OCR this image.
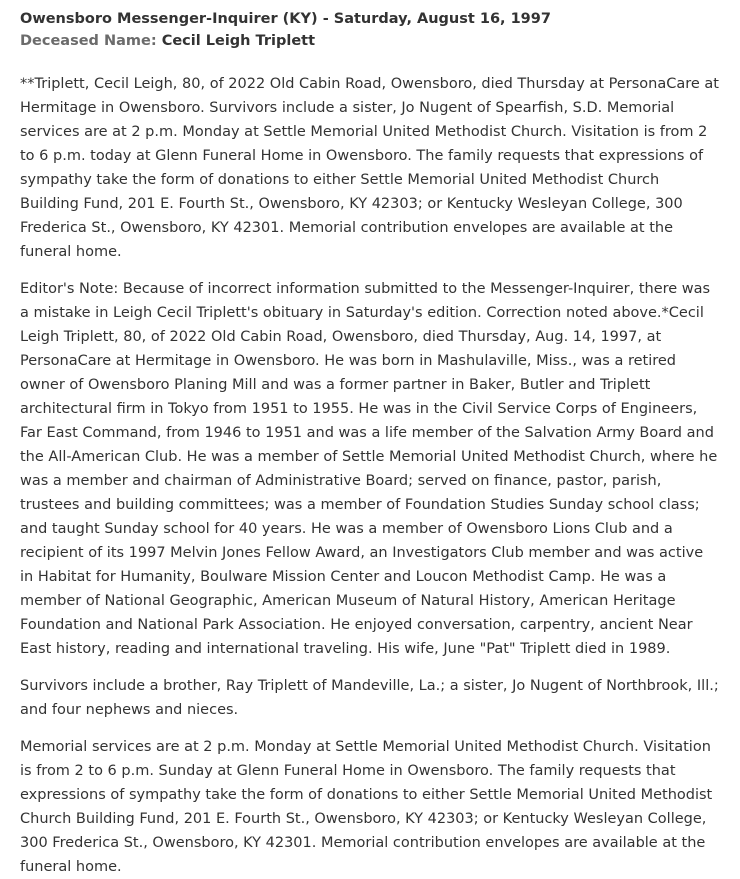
Owensboro Messenger-Inquirer (KY) - Saturday, August 16, 1997
Deceased Name: Cecil Leigh Triplett

**Triplett, Cecil Leigh, 80, of 2022 Old Cabin Road, Owensboro, died Thursday at PersonaCare at Hermitage in Owensboro. Survivors include a sister, Jo Nugent of Spearfish, S.D. Memorial services are at 2 p.m. Monday at Settle Memorial United Methodist Church. Visitation is from 2 to 6 p.m. today at Glenn Funeral Home in Owensboro. The family requests that expressions of sympathy take the form of donations to either Settle Memorial United Methodist Church Building Fund, 201 E. Fourth St., Owensboro, KY 42303; or Kentucky Wesleyan College, 300 Frederica St., Owensboro, KY 42301. Memorial contribution envelopes are available at the funeral home.

Editor's Note: Because of incorrect information submitted to the Messenger-Inquirer, there was a mistake in Leigh Cecil Triplett's obituary in Saturday's edition. Correction noted above.*Cecil Leigh Triplett, 80, of 2022 Old Cabin Road, Owensboro, died Thursday, Aug. 14, 1997, at PersonaCare at Hermitage in Owensboro. He was born in Mashulaville, Miss., was a retired owner of Owensboro Planing Mill and was a former partner in Baker, Butler and Triplett architectural firm in Tokyo from 1951 to 1955. He was in the Civil Service Corps of Engineers, Far East Command, from 1946 to 1951 and was a life member of the Salvation Army Board and the All-American Club. He was a member of Settle Memorial United Methodist Church, where he was a member and chairman of Administrative Board; served on finance, pastor, parish, trustees and building committees; was a member of Foundation Studies Sunday school class; and taught Sunday school for 40 years. He was a member of Owensboro Lions Club and a recipient of its 1997 Melvin Jones Fellow Award, an Investigators Club member and was active in Habitat for Humanity, Boulware Mission Center and Loucon Methodist Camp. He was a member of National Geographic, American Museum of Natural History, American Heritage Foundation and National Park Association. He enjoyed conversation, carpentry, ancient Near East history, reading and international traveling. His wife, June "Pat" Triplett died in 1989.

Survivors include a brother, Ray Triplett of Mandeville, La.; a sister, Jo Nugent of Northbrook, Ill.; and four nephews and nieces.

Memorial services are at 2 p.m. Monday at Settle Memorial United Methodist Church. Visitation is from 2 to 6 p.m. Sunday at Glenn Funeral Home in Owensboro. The family requests that expressions of sympathy take the form of donations to either Settle Memorial United Methodist Church Building Fund, 201 E. Fourth St., Owensboro, KY 42303; or Kentucky Wesleyan College, 300 Frederica St., Owensboro, KY 42301. Memorial contribution envelopes are available at the funeral home.
